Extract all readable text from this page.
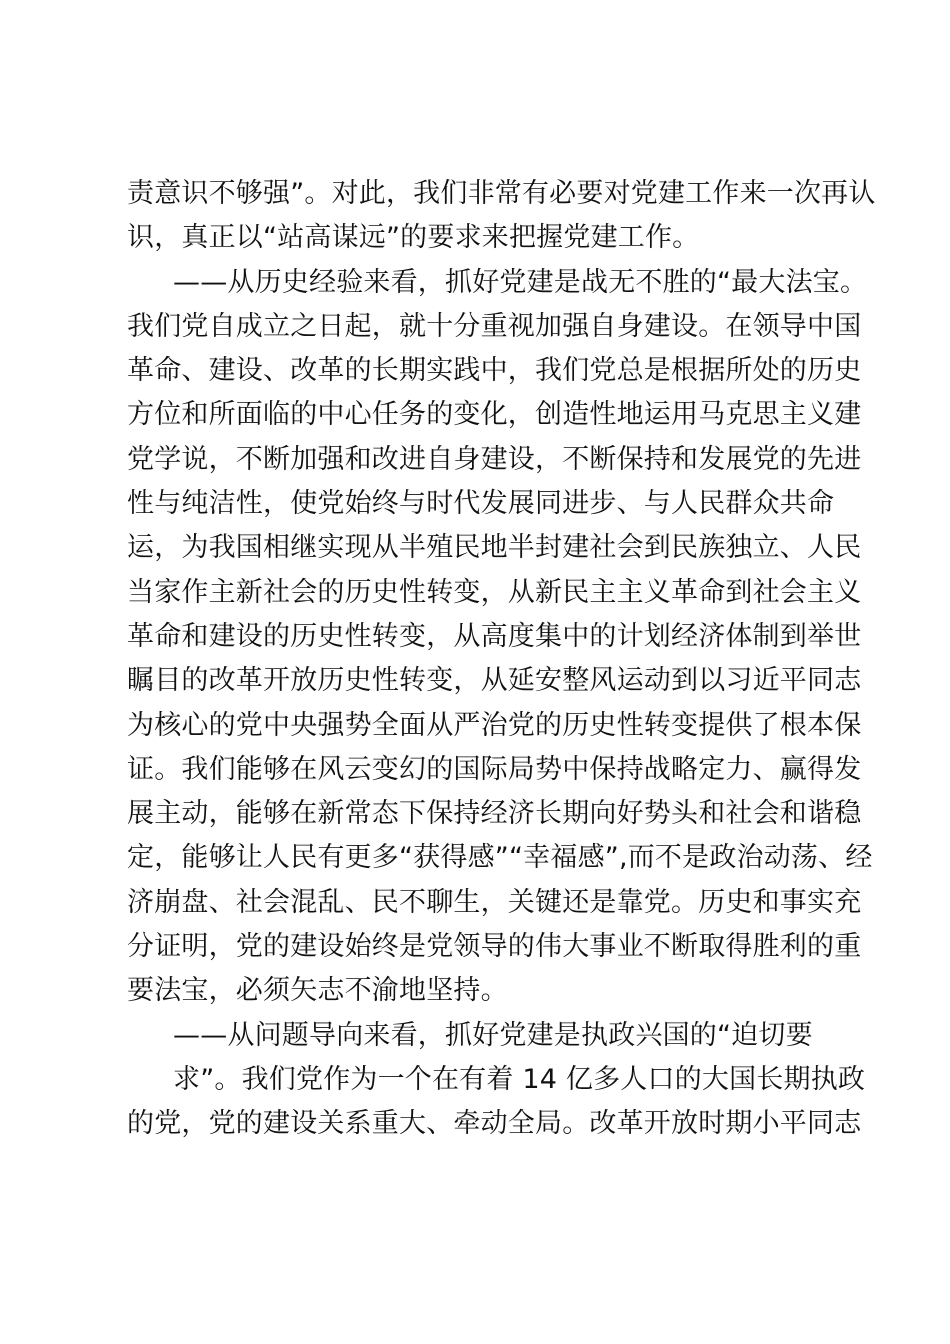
责意识不够强”。对此，我们非常有必要对党建工作来一次再认
识，真正以“站高谋远”的要求来把握党建工作。
——从历史经验来看，抓好党建是战无不胜的“最大法宝。
我们党自成立之日起，就十分重视加强自身建设。在领导中国
革命、建设、改革的长期实践中，我们党总是根据所处的历史
方位和所面临的中心任务的变化，创造性地运用马克思主义建
党学说，不断加强和改进自身建设，不断保持和发展党的先进
性与纯洁性，使党始终与时代发展同进步、与人民群众共命
运，为我国相继实现从半殖民地半封建社会到民族独立、人民
当家作主新社会的历史性转变，从新民主主义革命到社会主义
革命和建设的历史性转变，从高度集中的计划经济体制到举世
瞩目的改革开放历史性转变，从延安整风运动到以习近平同志
为核心的党中央强势全面从严治党的历史性转变提供了根本保
证。我们能够在风云变幻的国际局势中保持战略定力、赢得发
展主动，能够在新常态下保持经济长期向好势头和社会和谐稳
定，能够让人民有更多“获得感”“幸福感”,而不是政治动荡、经
济崩盘、社会混乱、民不聊生，关键还是靠党。历史和事实充
分证明，党的建设始终是党领导的伟大事业不断取得胜利的重
要法宝，必须矢志不渝地坚持。
——从问题导向来看，抓好党建是执政兴国的“迫切要
求”。我们党作为一个在有着 14 亿多人口的大国长期执政
的党，党的建设关系重大、牵动全局。改革开放时期小平同志
